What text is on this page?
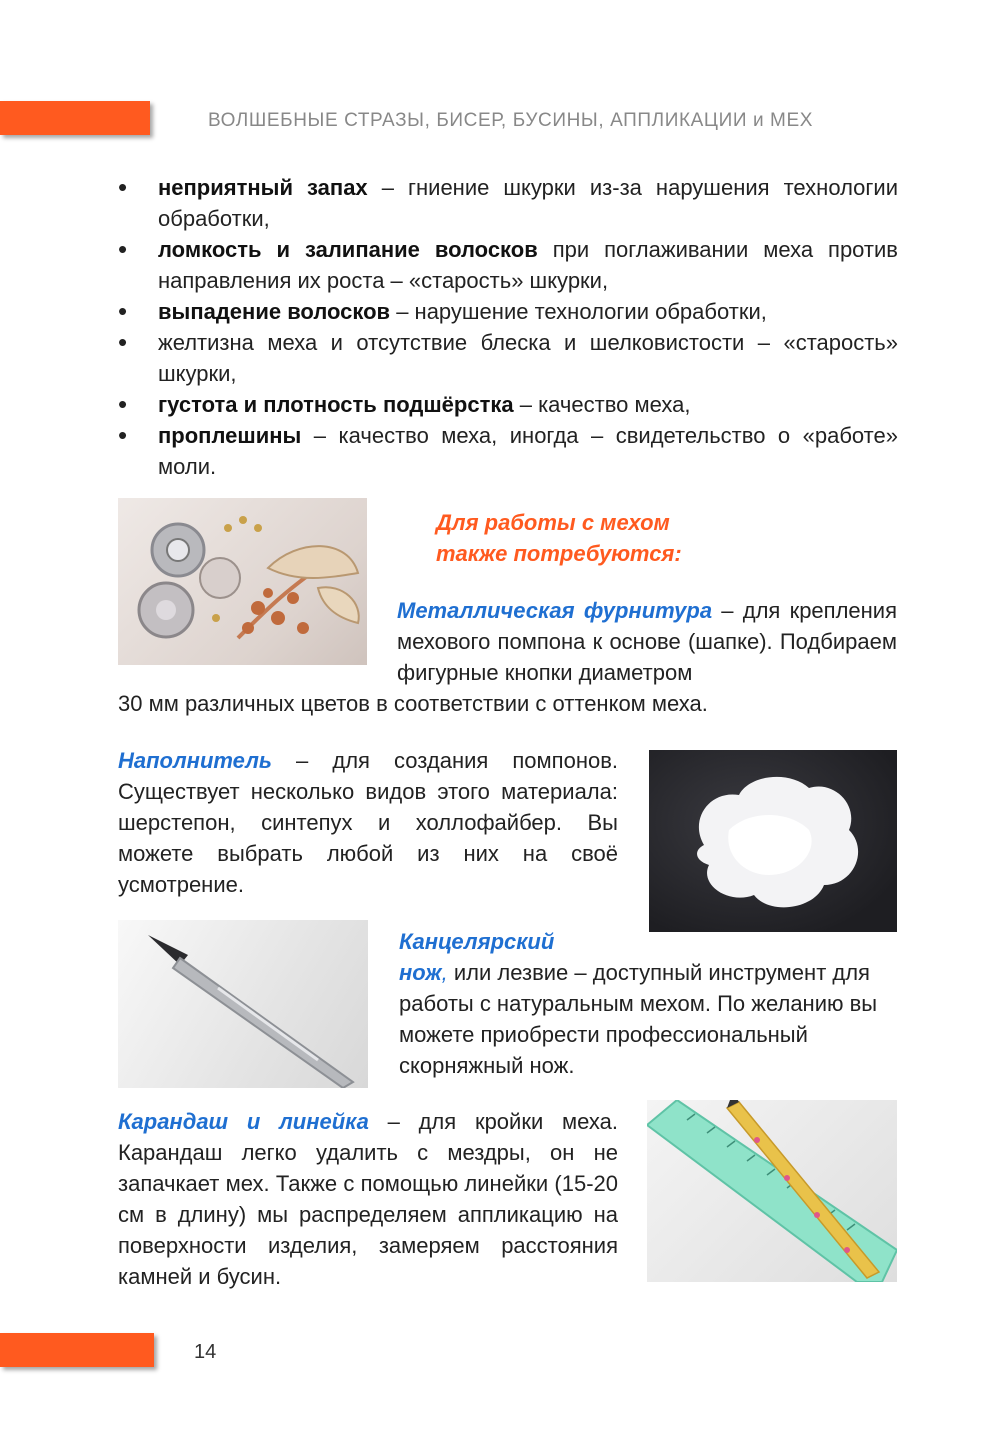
ВОЛШЕБНЫЕ СТРАЗЫ, БИСЕР, БУСИНЫ, АППЛИКАЦИИ и МЕХ
• неприятный запах – гниение шкурки из-за нарушения технологии обработки,
• ломкость и залипание волосков при поглаживании меха против направления их роста – «старость» шкурки,
• выпадение волосков – нарушение технологии обработки,
• желтизна меха и отсутствие блеска и шелковистости – «старость» шкурки,
• густота и плотность подшёрстка – качество меха,
• проплешины – качество меха, иногда – свидетельство о «работе» моли.
Для работы с мехом
также потребуются:
Металлическая фурнитура – для крепления мехового помпона к основе (шапке). Подбираем фигурные кнопки диаметром
30 мм различных цветов в соответствии с оттенком меха.
Наполнитель – для создания помпонов. Существует несколько видов этого материала: шерстепон, синтепух и холлофайбер. Вы можете выбрать любой из них на своё усмотрение.
Канцелярский
нож, или лезвие – доступный инструмент для работы с натуральным мехом. По желанию вы можете приобрести профессиональный скорняжный нож.
Карандаш и линейка – для кройки меха. Карандаш легко удалить с мездры, он не запачкает мех. Также с помощью линейки (15-20 см в длину) мы распределяем аппликацию на поверхности изделия, замеряем расстояния камней и бусин.
14
